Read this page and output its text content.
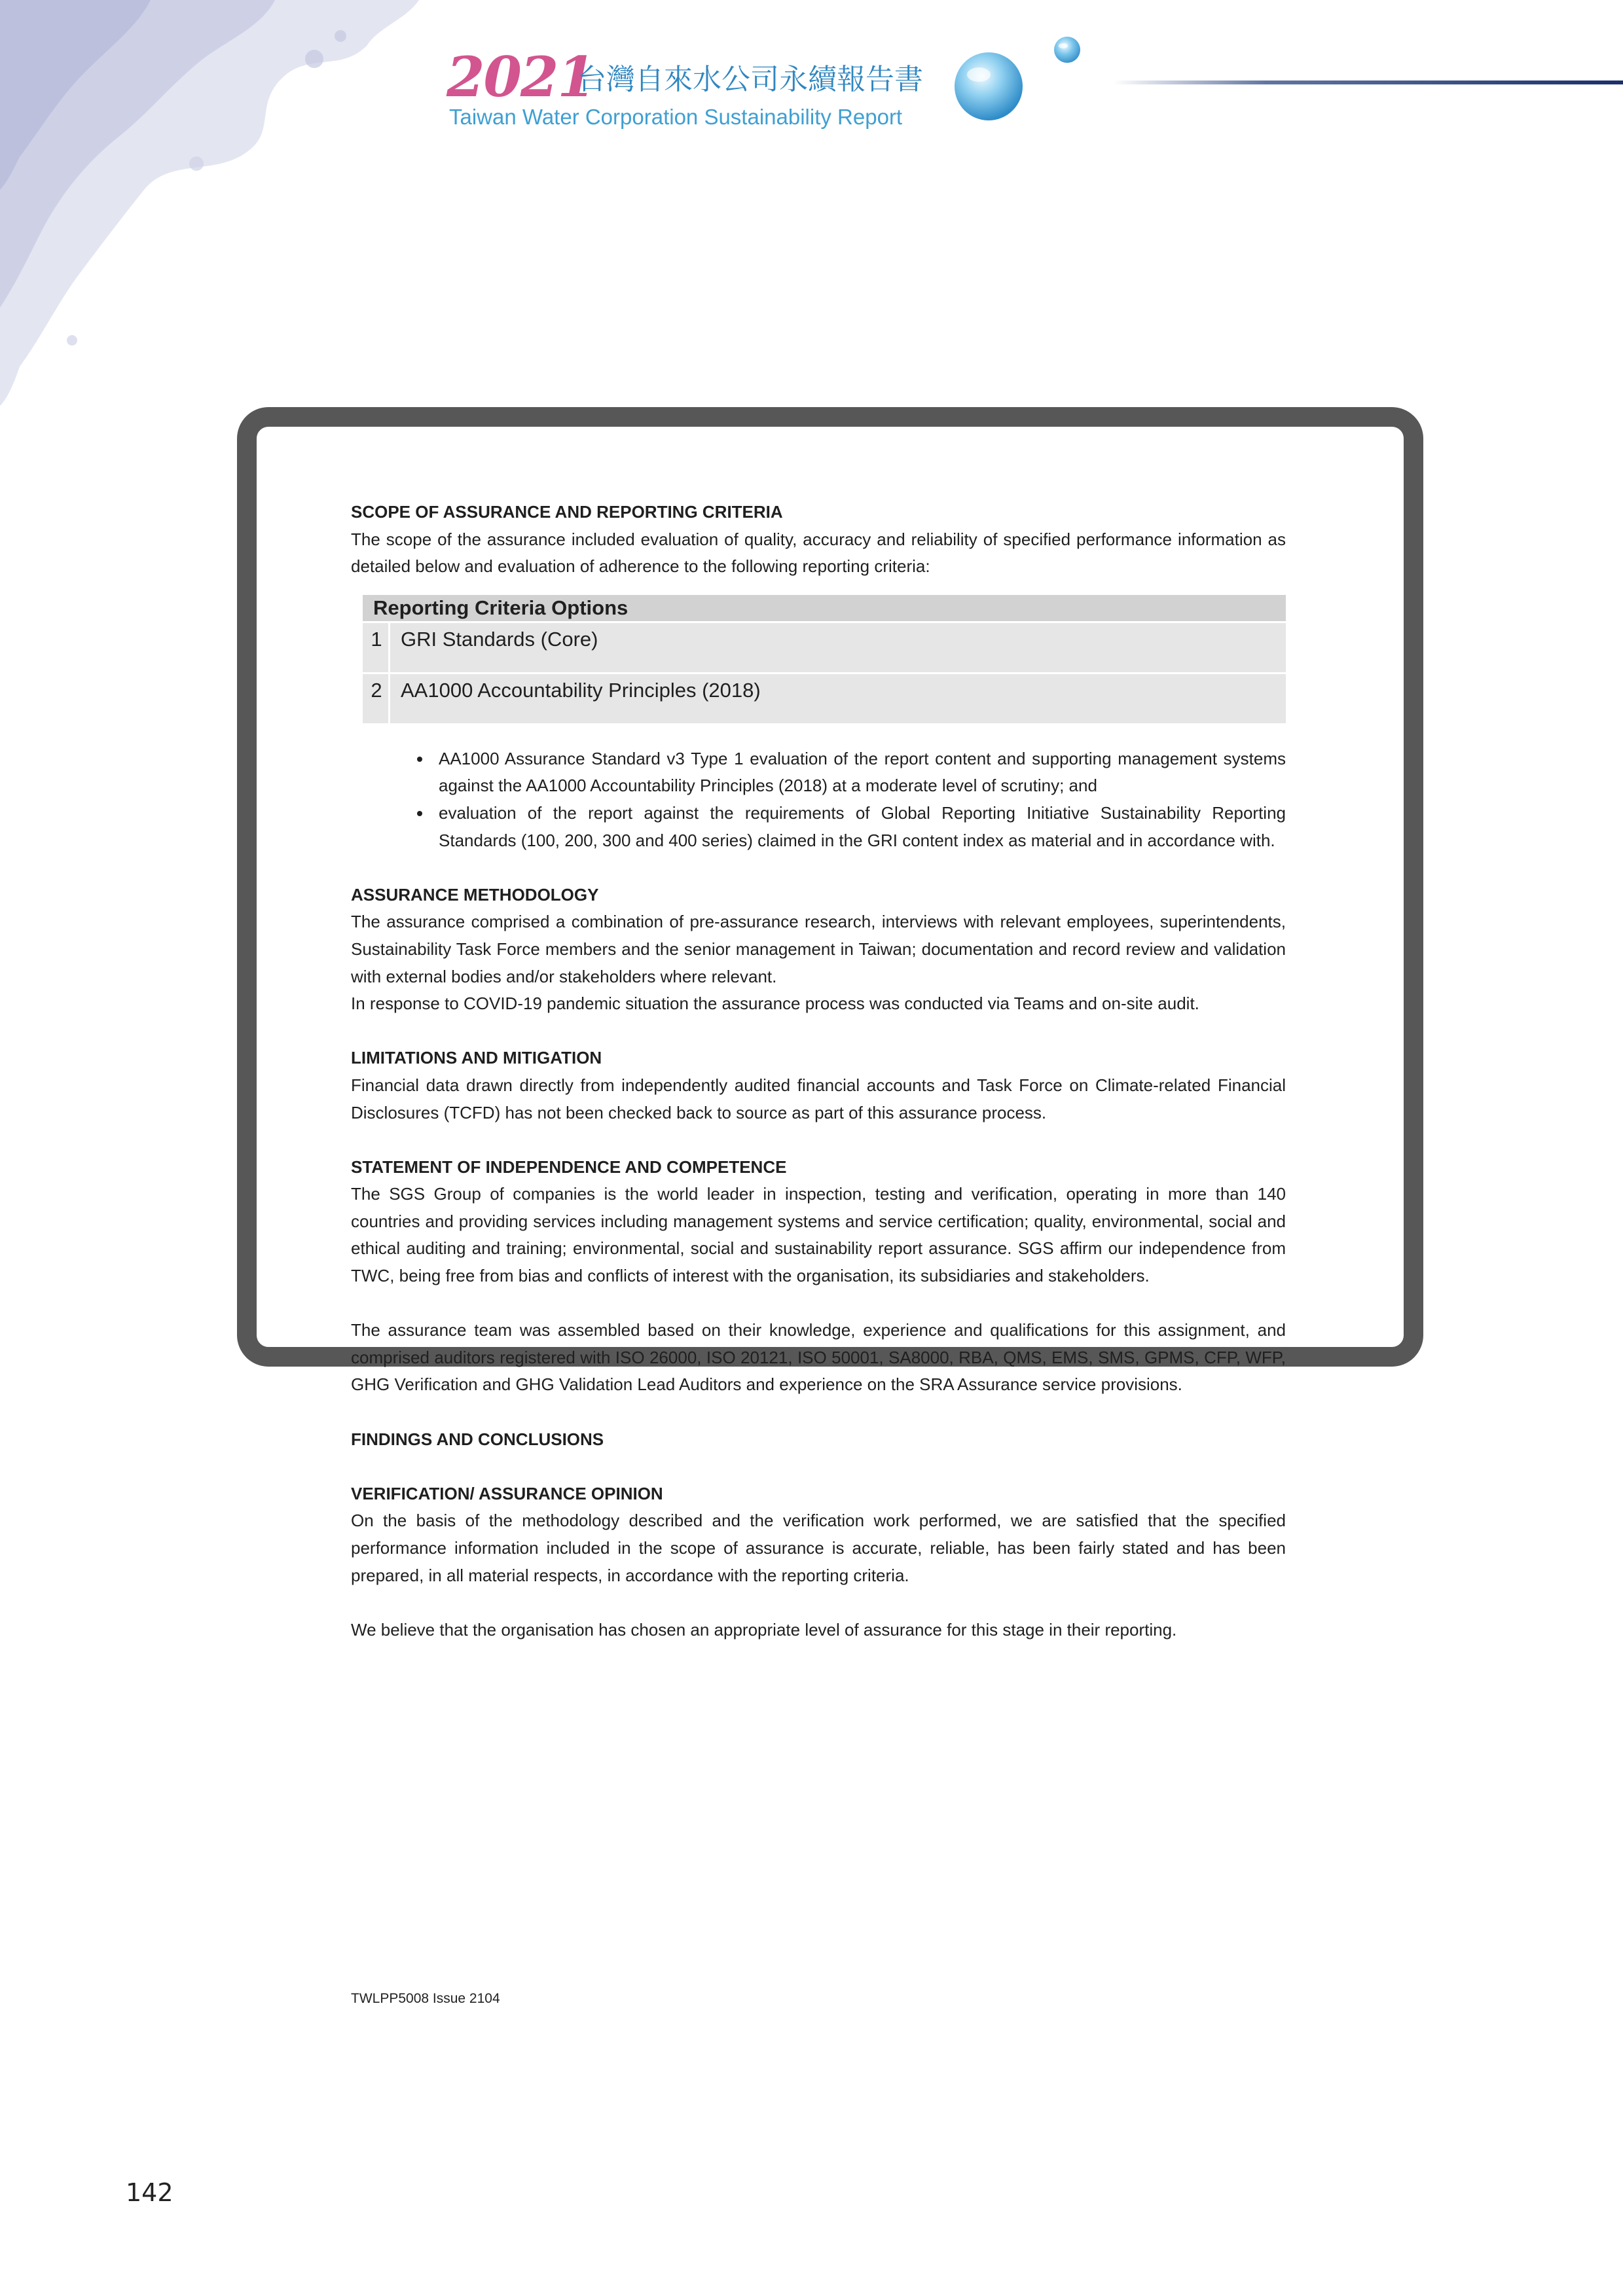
2021
台灣自來水公司永續報告書
Taiwan Water Corporation Sustainability Report

SCOPE OF ASSURANCE AND REPORTING CRITERIA

The scope of the assurance included evaluation of quality, accuracy and reliability of specified performance information as detailed below and evaluation of adherence to the following reporting criteria:

Reporting Criteria Options	
1	GRI Standards (Core)
2	AA1000 Accountability Principles (2018)
• AA1000 Assurance Standard v3 Type 1 evaluation of the report content and supporting management systems against the AA1000 Accountability Principles (2018) at a moderate level of scrutiny; and
• evaluation of the report against the requirements of Global Reporting Initiative Sustainability Reporting Standards (100, 200, 300 and 400 series) claimed in the GRI content index as material and in accordance with.

ASSURANCE METHODOLOGY

The assurance comprised a combination of pre-assurance research, interviews with relevant employees, superintendents, Sustainability Task Force members and the senior management in Taiwan; documentation and record review and validation with external bodies and/or stakeholders where relevant.

In response to COVID-19 pandemic situation the assurance process was conducted via Teams and on-site audit.

LIMITATIONS AND MITIGATION

Financial data drawn directly from independently audited financial accounts and Task Force on Climate-related Financial Disclosures (TCFD) has not been checked back to source as part of this assurance process.

STATEMENT OF INDEPENDENCE AND COMPETENCE

The SGS Group of companies is the world leader in inspection, testing and verification, operating in more than 140 countries and providing services including management systems and service certification; quality, environmental, social and ethical auditing and training; environmental, social and sustainability report assurance. SGS affirm our independence from TWC, being free from bias and conflicts of interest with the organisation, its subsidiaries and stakeholders.

The assurance team was assembled based on their knowledge, experience and qualifications for this assignment, and comprised auditors registered with ISO 26000, ISO 20121, ISO 50001, SA8000, RBA, QMS, EMS, SMS, GPMS, CFP, WFP, GHG Verification and GHG Validation Lead Auditors and experience on the SRA Assurance service provisions.

FINDINGS AND CONCLUSIONS

VERIFICATION/ ASSURANCE OPINION

On the basis of the methodology described and the verification work performed, we are satisfied that the specified performance information included in the scope of assurance is accurate, reliable, has been fairly stated and has been prepared, in all material respects, in accordance with the reporting criteria.

We believe that the organisation has chosen an appropriate level of assurance for this stage in their reporting.

TWLPP5008 Issue 2104
142
